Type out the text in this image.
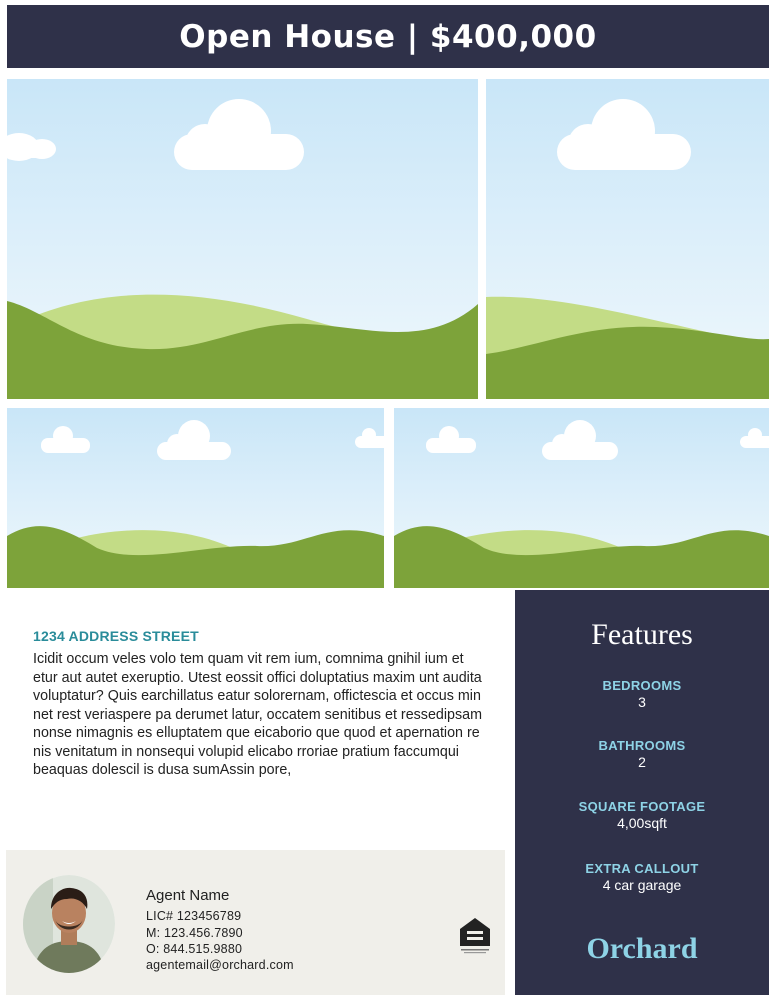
Open House | $400,000
1234 ADDRESS STREET
Icidit occum veles volo tem quam vit rem ium, comnima gnihil ium et etur aut autet exeruptio. Utest eossit offici doluptatius maxim unt audita voluptatur? Quis earchillatus eatur solorernam, offictescia et occus min net rest veriaspere pa derumet latur, occatem senitibus et ressedipsam nonse nimagnis es elluptatem que eicaborio que quod et apernation re nis venitatum in nonsequi volupid elicabo rroriae pratium faccumqui beaquas dolescil is dusa sumAssin pore,
Agent Name
LIC# 123456789
M: 123.456.7890
O: 844.515.9880
agentemail@orchard.com
Features
BEDROOMS
3
BATHROOMS
2
SQUARE FOOTAGE
4,00sqft
EXTRA CALLOUT
4 car garage
Orchard
